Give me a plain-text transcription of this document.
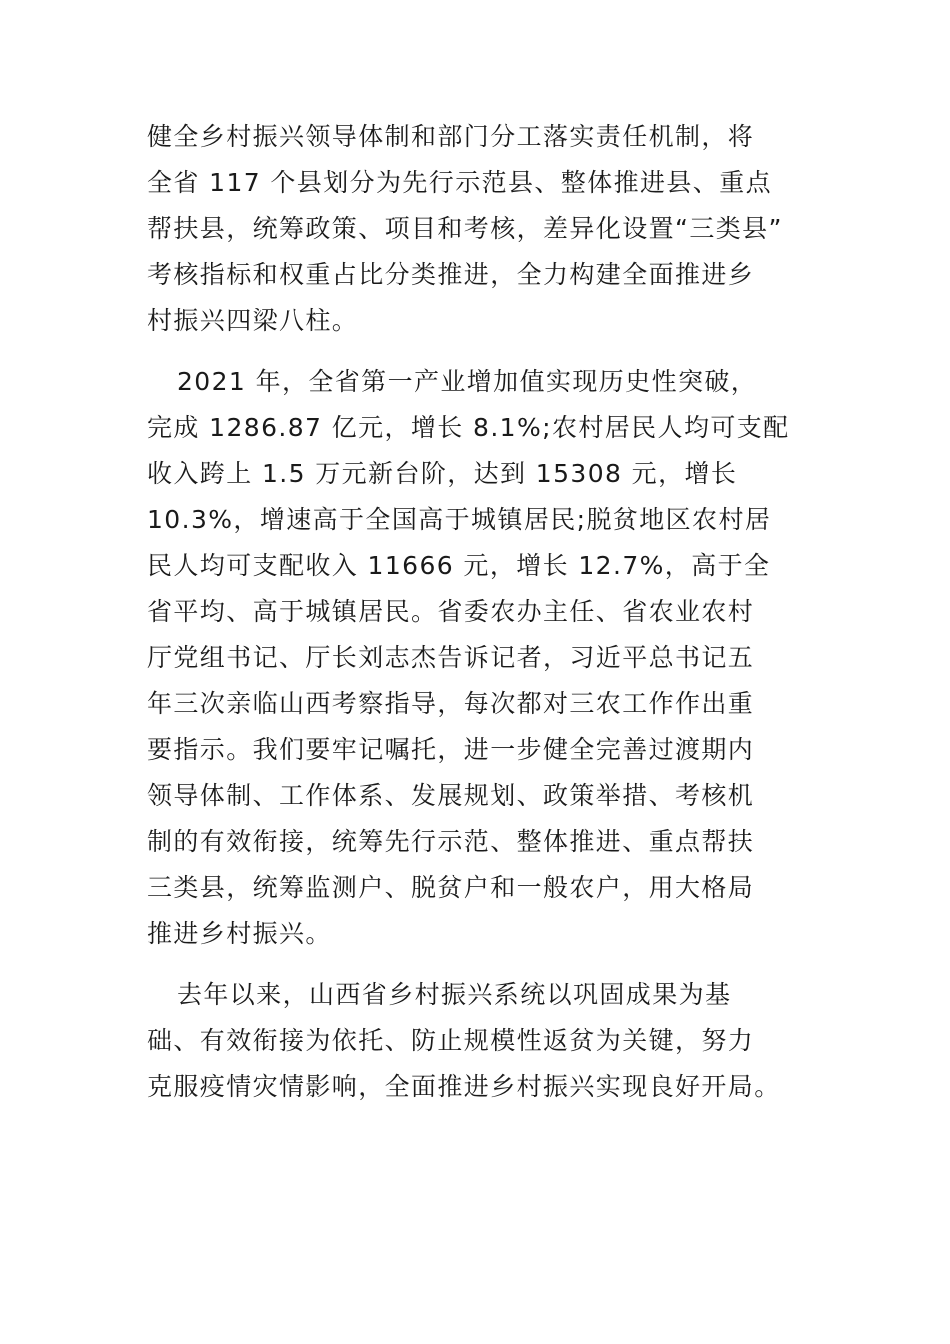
健全乡村振兴领导体制和部门分工落实责任机制，将
全省 117 个县划分为先行示范县、整体推进县、重点
帮扶县，统筹政策、项目和考核，差异化设置“三类县”
考核指标和权重占比分类推进，全力构建全面推进乡
村振兴四梁八柱。

2021 年，全省第一产业增加值实现历史性突破，
完成 1286.87 亿元，增长 8.1%;农村居民人均可支配
收入跨上 1.5 万元新台阶，达到 15308 元，增长
10.3%，增速高于全国高于城镇居民;脱贫地区农村居
民人均可支配收入 11666 元，增长 12.7%，高于全
省平均、高于城镇居民。省委农办主任、省农业农村
厅党组书记、厅长刘志杰告诉记者，习近平总书记五
年三次亲临山西考察指导，每次都对三农工作作出重
要指示。我们要牢记嘱托，进一步健全完善过渡期内
领导体制、工作体系、发展规划、政策举措、考核机
制的有效衔接，统筹先行示范、整体推进、重点帮扶
三类县，统筹监测户、脱贫户和一般农户，用大格局
推进乡村振兴。

去年以来，山西省乡村振兴系统以巩固成果为基
础、有效衔接为依托、防止规模性返贫为关键，努力
克服疫情灾情影响，全面推进乡村振兴实现良好开局。
